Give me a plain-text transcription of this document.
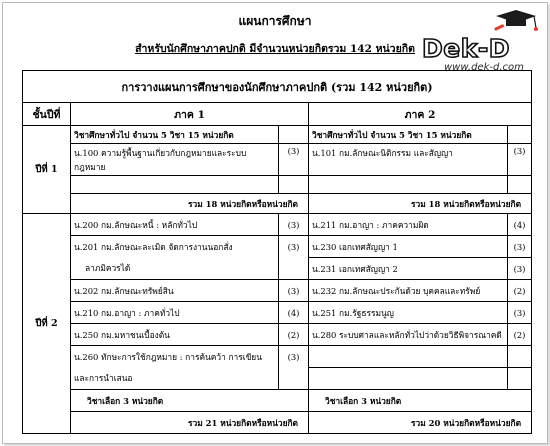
แผนการศึกษา
สำหรับนักศึกษาภาคปกติ มีจำนวนหน่วยกิตรวม 142 หน่วยกิต Dek-D
www.dek-d.com
การวางแผนการศึกษาของนักศึกษาภาคปกติ (รวม 142 หน่วยกิต)				
ชั้นปีที่	ภาค 1		ภาค 2	
ปีที่ 1	วิชาศึกษาทั่วไป จำนวน 5 วิชา 15 หน่วยกิต		วิชาศึกษาทั่วไป จำนวน 5 วิชา 15 หน่วยกิต	
	น.100 ความรู้พื้นฐานเกี่ยวกับกฎหมายและระบบกฎหมาย	(3)	น.101 กม.ลักษณะนิติกรรม และสัญญา	(3)

	รวม 18 หน่วยกิตหรือหน่วยกิต		รวม 18 หน่วยกิตหรือหน่วยกิต	
ปีที่ 2	น.200 กม.ลักษณะหนี้ : หลักทั่วไป	(3)	น.211 กม.อาญา : ภาคความผิด	(4)
	น.201 กม.ลักษณะละเมิด จัดการงานนอกสั่ง	(3)	น.230 เอกเทศสัญญา 1	(3)
	ลาภมิควรได้		น.231 เอกเทศสัญญา 2	(3)
	น.202 กม.ลักษณะทรัพย์สิน	(3)	น.232 กม.ลักษณะประกันด้วย บุคคลและทรัพย์	(2)
	น.210 กม.อาญา : ภาคทั่วไป	(4)	น.251 กม.รัฐธรรมนูญ	(3)
	น.250 กม.มหาชนเบื้องต้น	(2)	น.280 ระบบศาลและหลักทั่วไปว่าด้วยวิธีพิจารณาคดี	(2)
	น.260 ทักษะการใช้กฎหมาย : การค้นคว้า การเขียน	(3)		
	และการนำเสนอ			
	วิชาเลือก 3 หน่วยกิต		วิชาเลือก 3 หน่วยกิต	
	รวม 21 หน่วยกิตหรือหน่วยกิต		รวม 20 หน่วยกิตหรือหน่วยกิต	
